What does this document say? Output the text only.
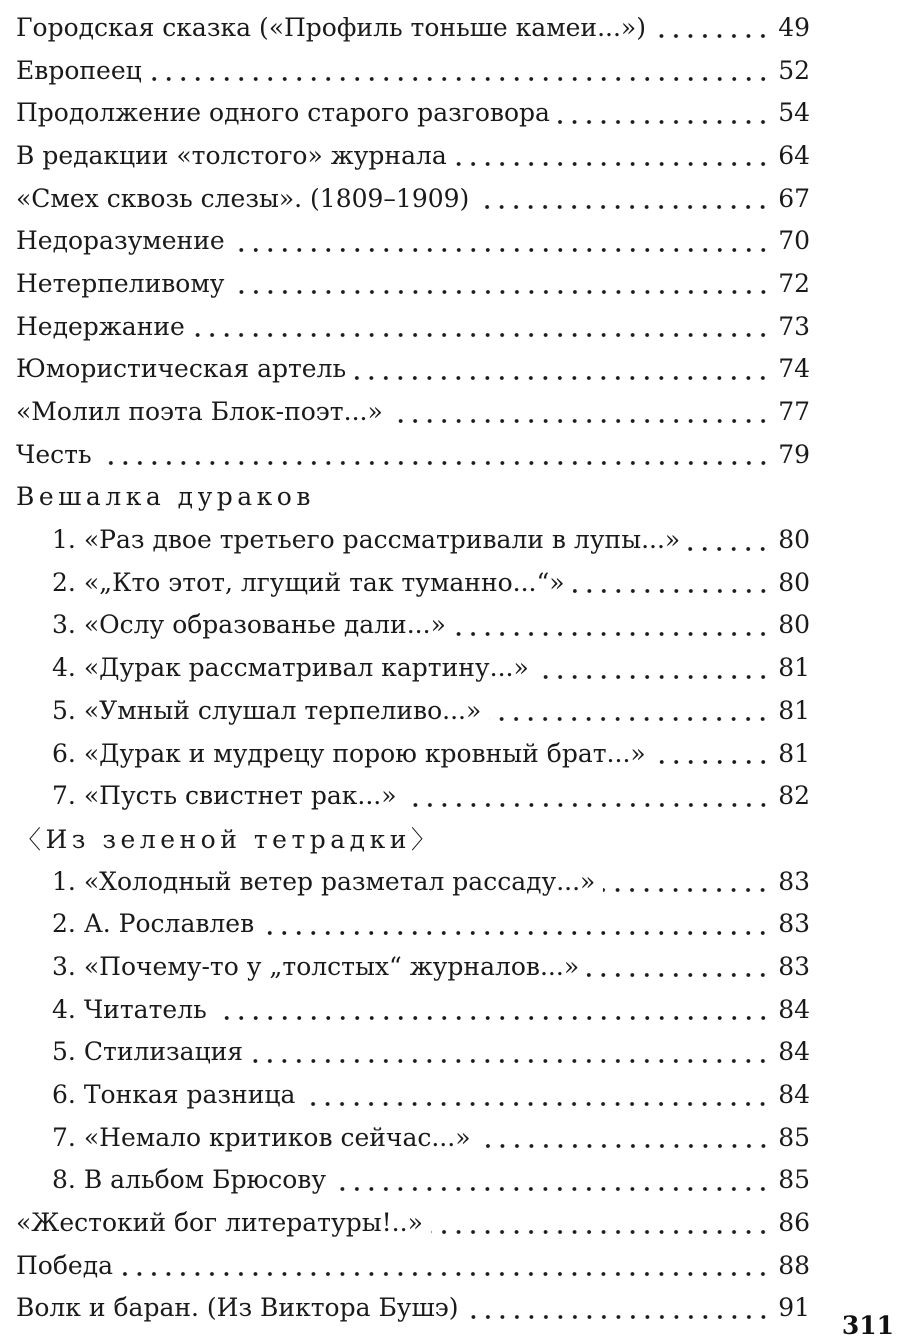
Городская сказка («Профиль тоньше камеи...»)	49
Европеец	52
Продолжение одного старого разговора	54
В редакции «толстого» журнала	64
«Смех сквозь слезы». (1809–1909)	67
Недоразумение	70
Нетерпеливому	72
Недержание	73
Юмористическая артель	74
«Молил поэта Блок-поэт...»	77
Честь	79
Вешалка дураков
1. «Раз двое третьего рассматривали в лупы...»	80
2. «„Кто этот, лгущий так туманно...“»	80
3. «Ослу образованье дали...»	80
4. «Дурак рассматривал картину...»	81
5. «Умный слушал терпеливо...»	81
6. «Дурак и мудрецу порою кровный брат...»	81
7. «Пусть свистнет рак...»	82
〈Из зеленой тетрадки〉
1. «Холодный ветер разметал рассаду...»	83
2. А. Рославлев	83
3. «Почему-то у „толстых“ журналов...»	83
4. Читатель	84
5. Стилизация	84
6. Тонкая разница	84
7. «Немало критиков сейчас...»	85
8. В альбом Брюсову	85
«Жестокий бог литературы!..»	86
Победа	88
Волк и баран. (Из Виктора Бушэ)	91
311
